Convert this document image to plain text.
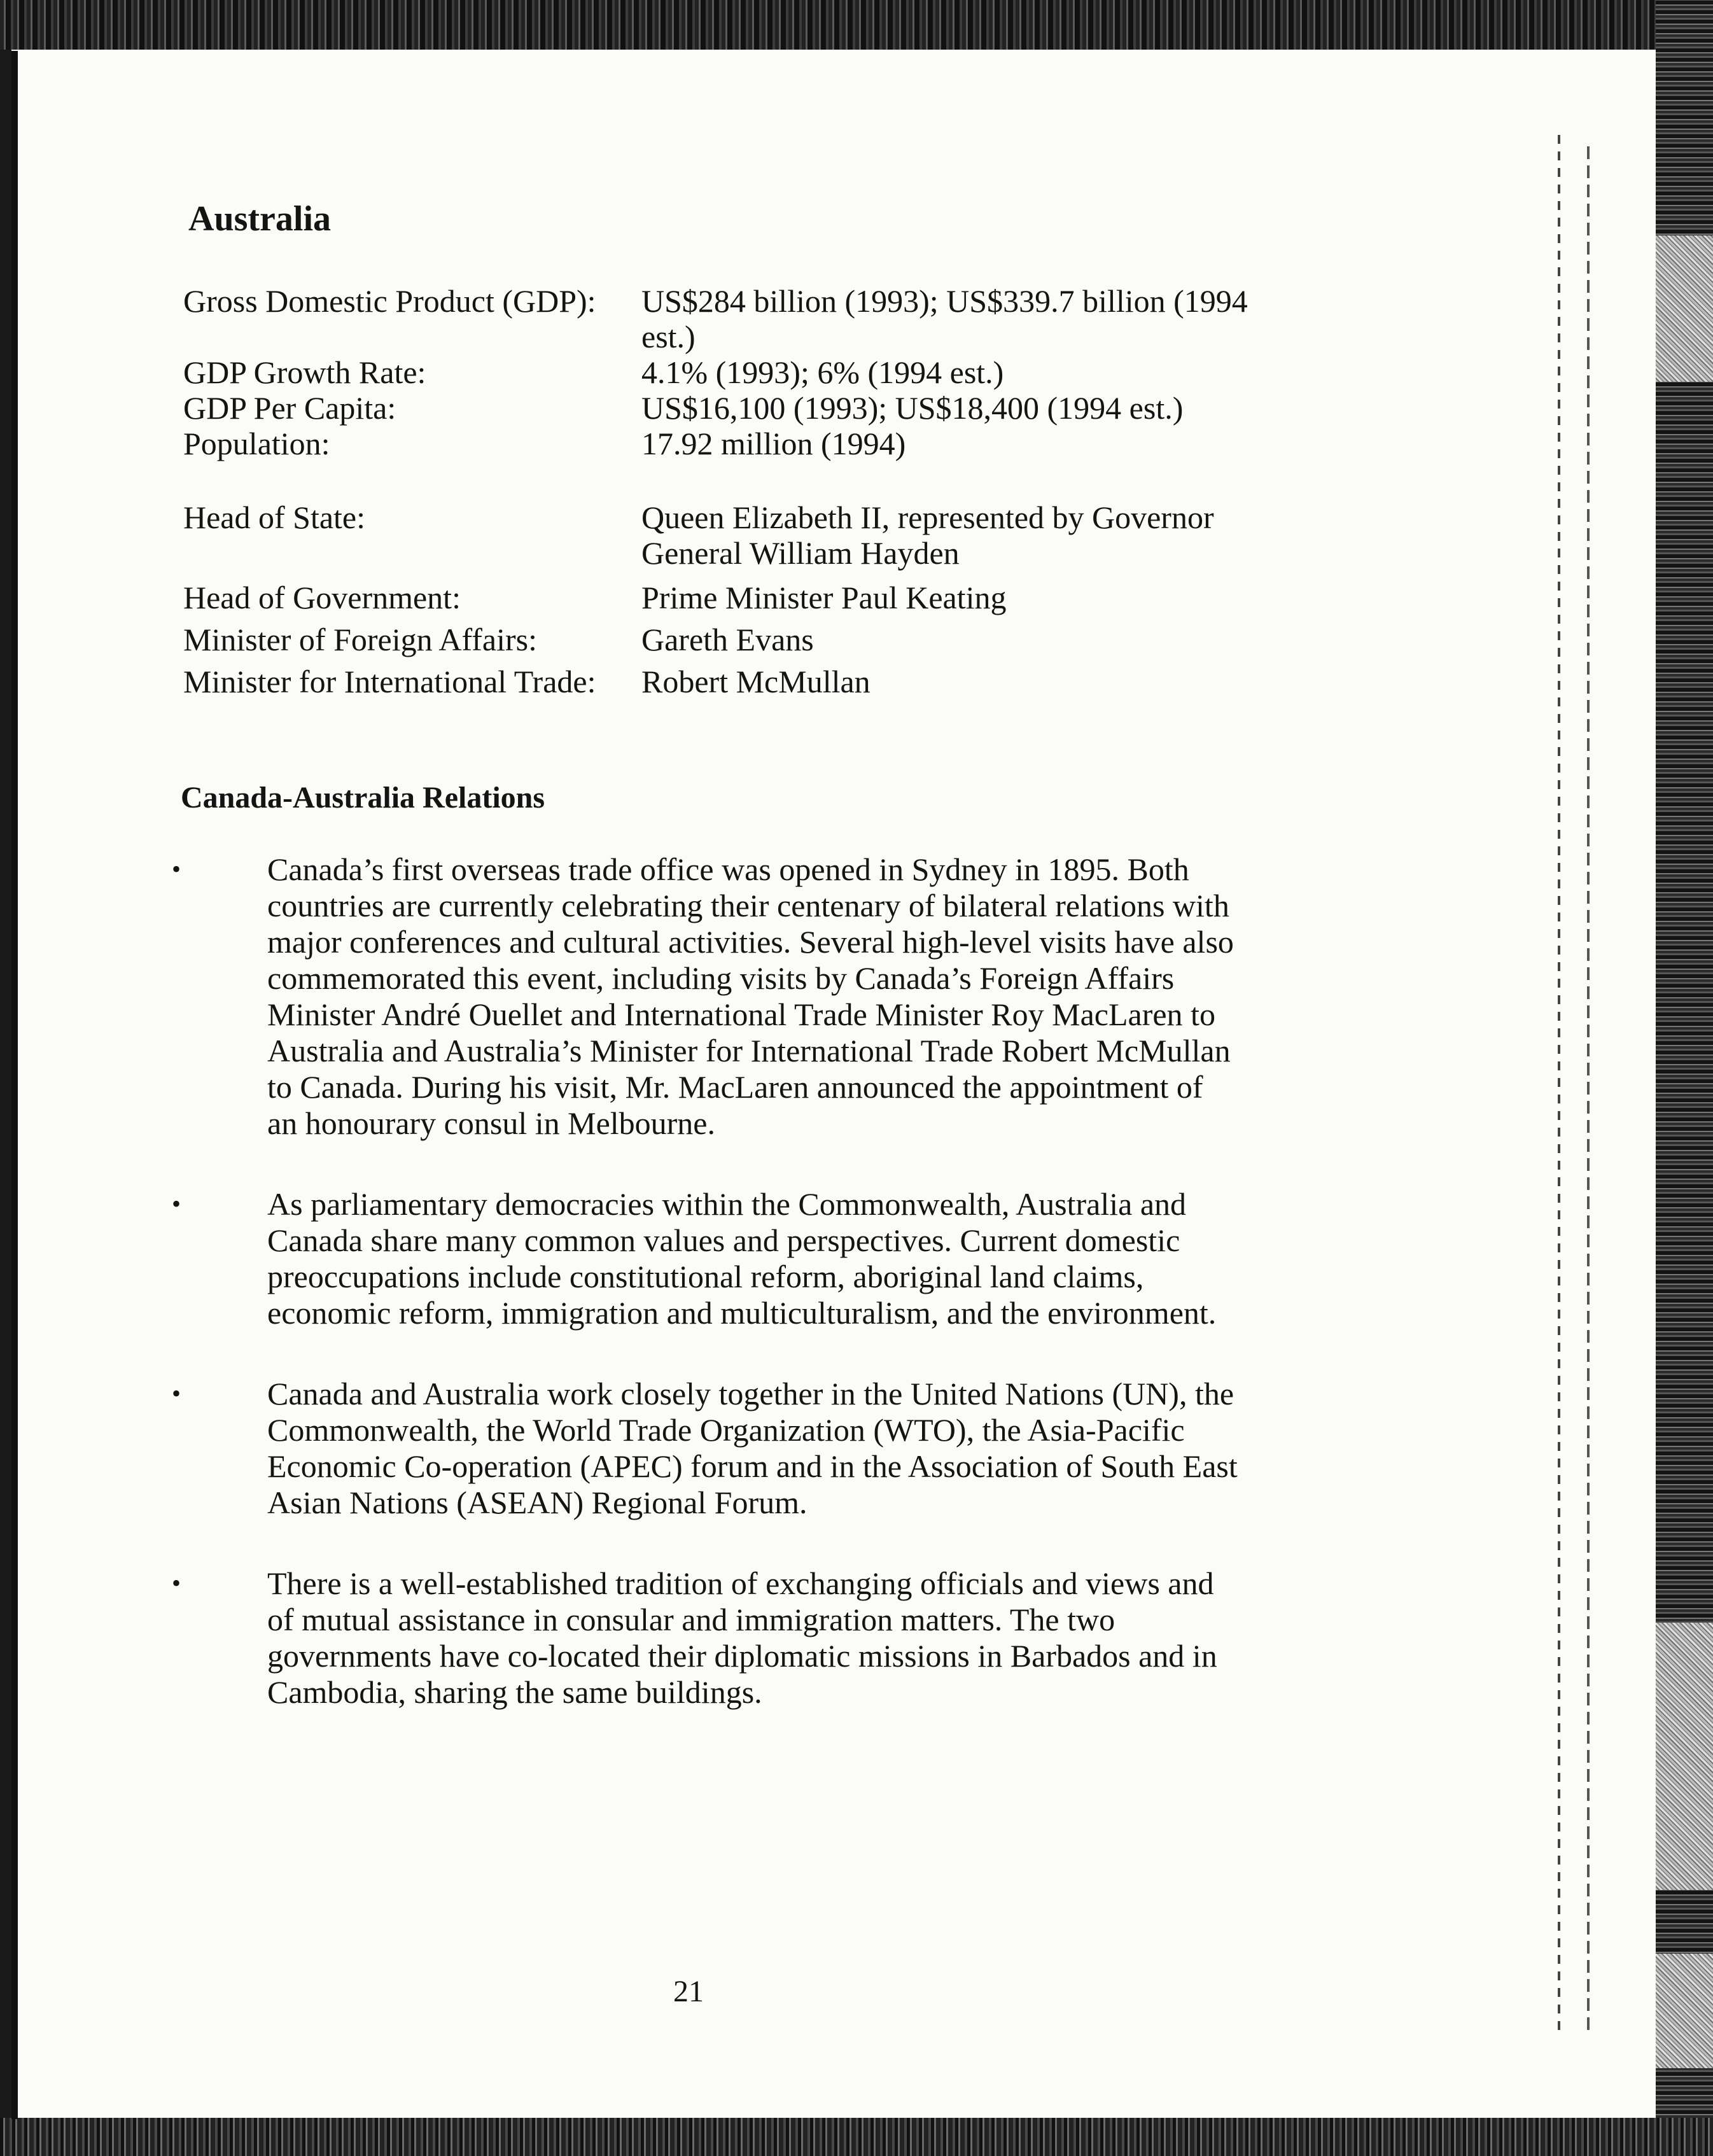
Australia
Gross Domestic Product (GDP):	US$284 billion (1993); US$339.7 billion (1994 est.)
GDP Growth Rate:	4.1% (1993); 6% (1994 est.)
GDP Per Capita:	US$16,100 (1993); US$18,400 (1994 est.)
Population:	17.92 million (1994)
Head of State:	Queen Elizabeth II, represented by Governor General William Hayden
Head of Government:	Prime Minister Paul Keating
Minister of Foreign Affairs:	Gareth Evans
Minister for International Trade:	Robert McMullan
Canada-Australia Relations
•	Canada’s first overseas trade office was opened in Sydney in 1895. Both countries are currently celebrating their centenary of bilateral relations with major conferences and cultural activities. Several high-level visits have also commemorated this event, including visits by Canada’s Foreign Affairs Minister André Ouellet and International Trade Minister Roy MacLaren to Australia and Australia’s Minister for International Trade Robert McMullan to Canada. During his visit, Mr. MacLaren announced the appointment of an honourary consul in Melbourne.
•	As parliamentary democracies within the Commonwealth, Australia and Canada share many common values and perspectives. Current domestic preoccupations include constitutional reform, aboriginal land claims, economic reform, immigration and multiculturalism, and the environment.
•	Canada and Australia work closely together in the United Nations (UN), the Commonwealth, the World Trade Organization (WTO), the Asia-Pacific Economic Co-operation (APEC) forum and in the Association of South East Asian Nations (ASEAN) Regional Forum.
•	There is a well-established tradition of exchanging officials and views and of mutual assistance in consular and immigration matters. The two governments have co-located their diplomatic missions in Barbados and in Cambodia, sharing the same buildings.
21
